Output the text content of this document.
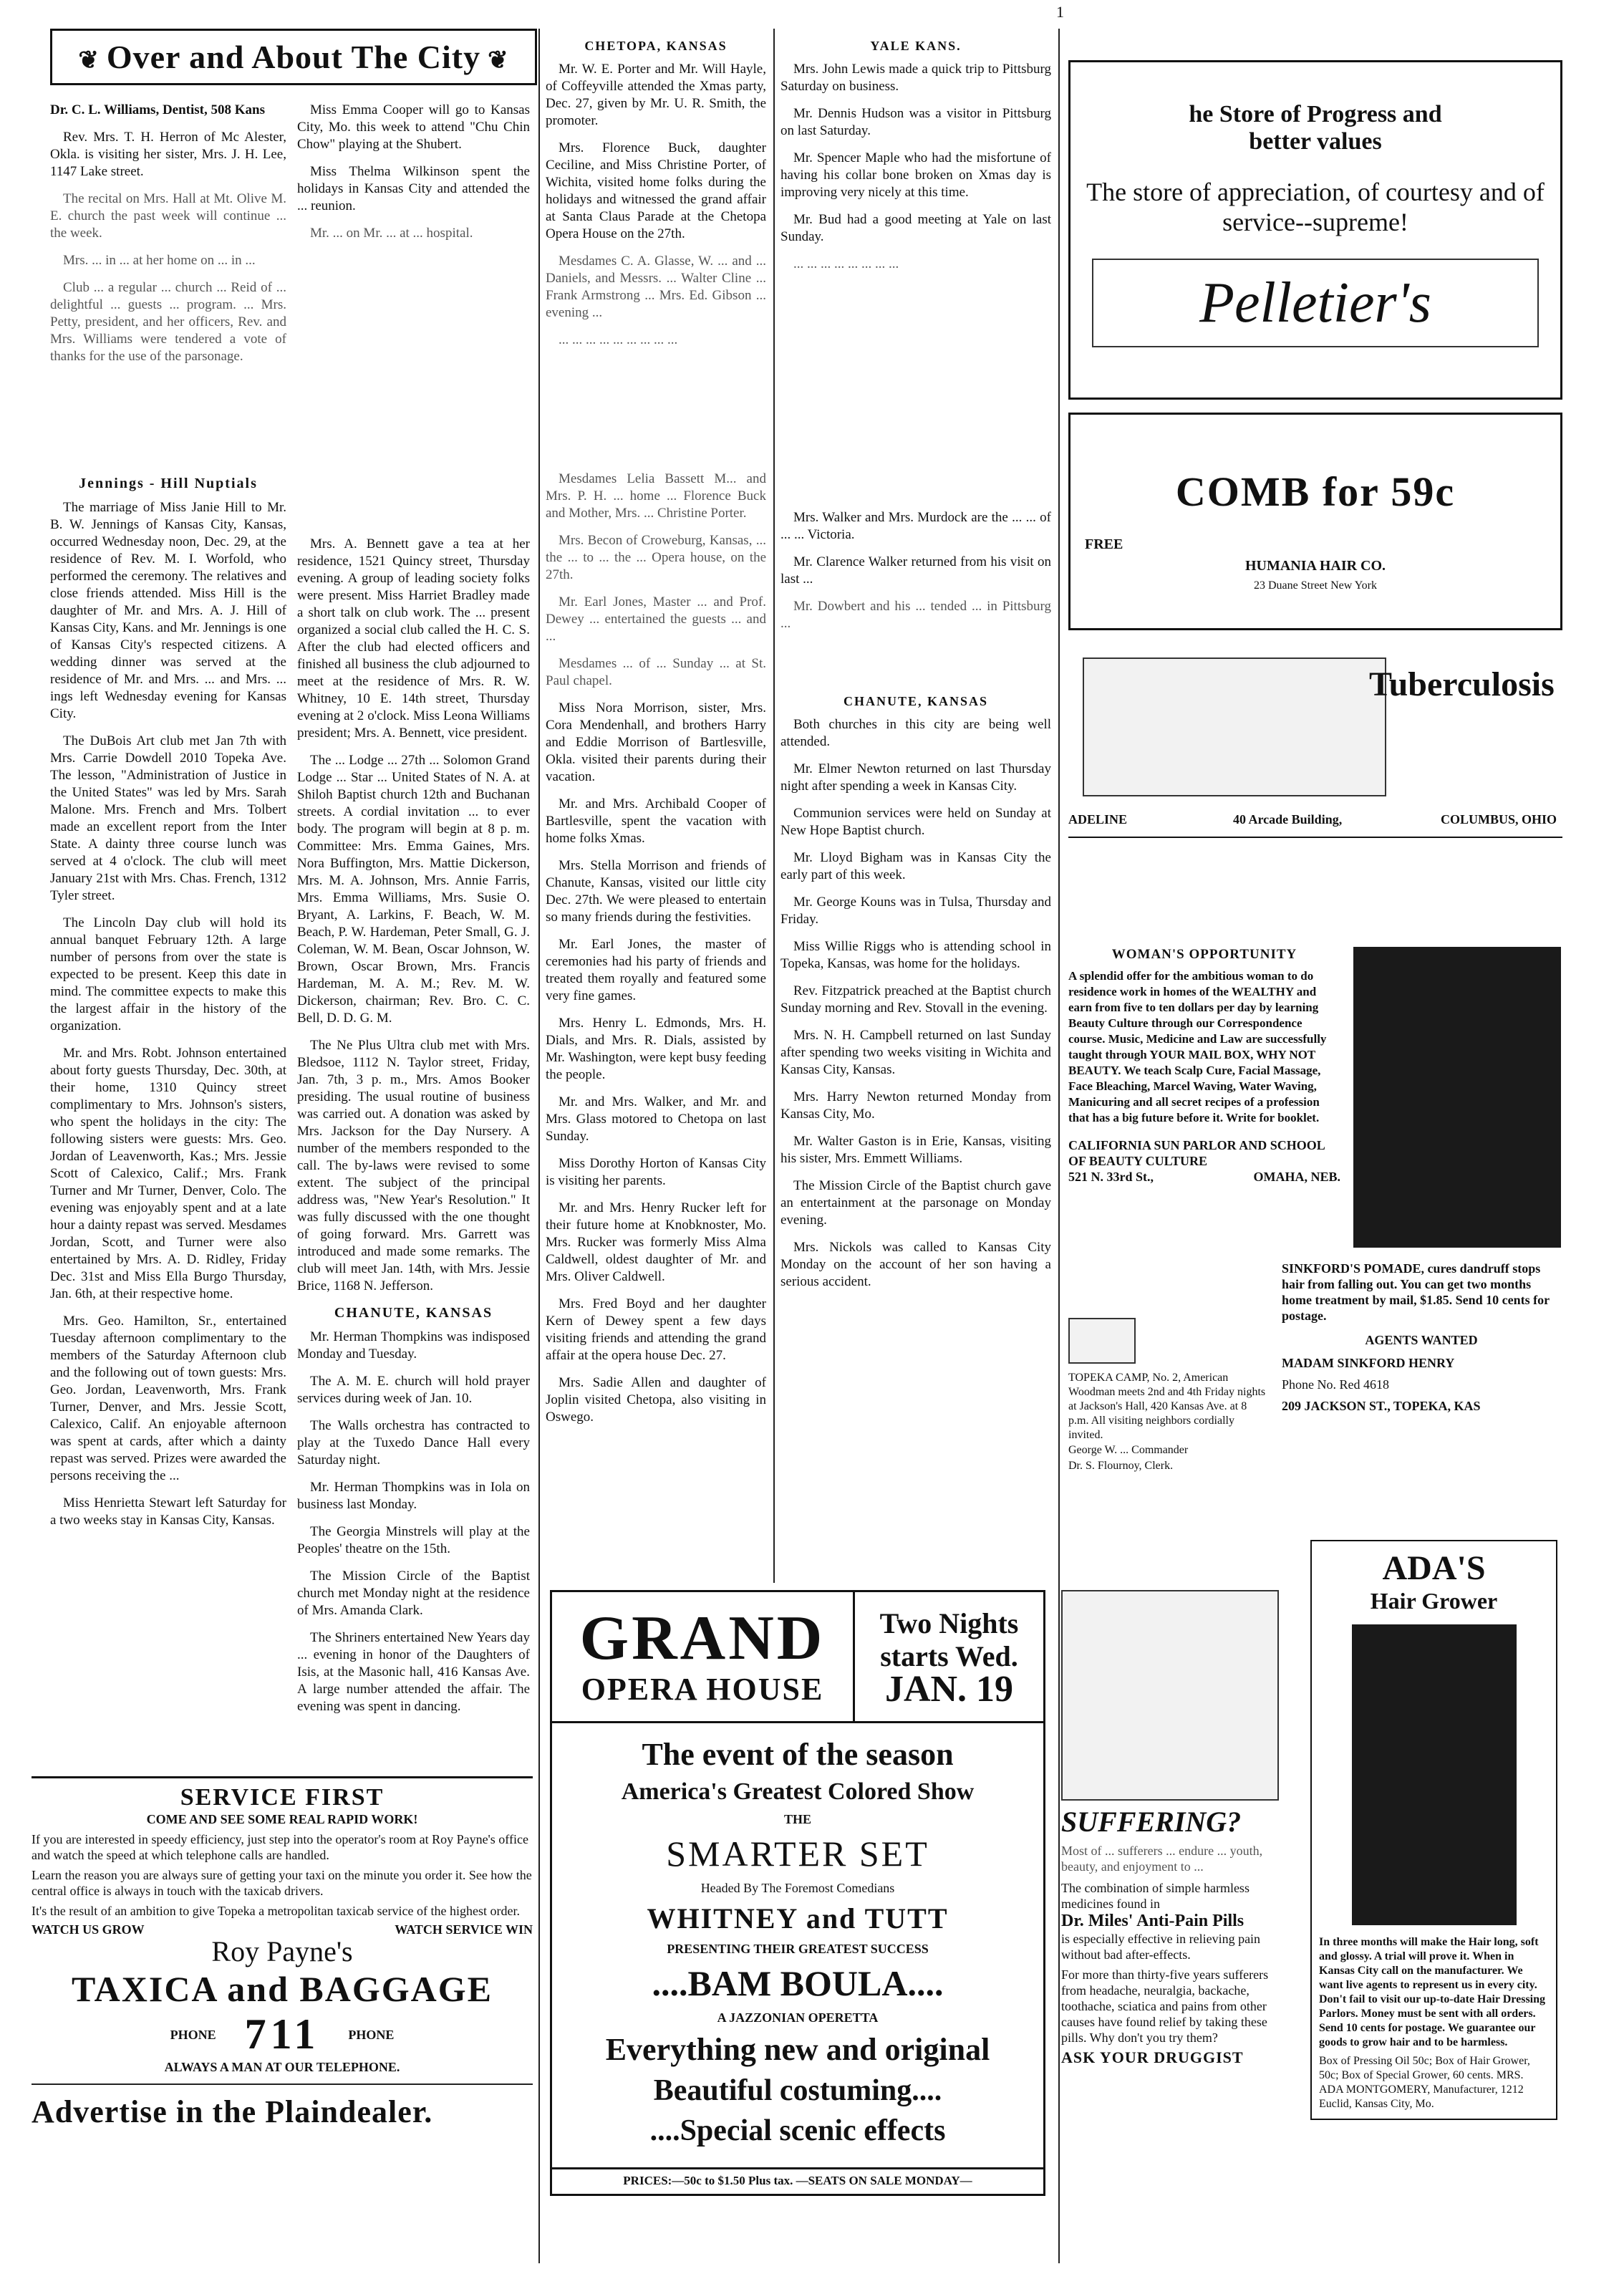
1
❦ Over and About The City ❦
Dr. C. L. Williams, Dentist, 508 Kans
Rev. Mrs. T. H. Herron of Mc Alester, Okla. is visiting her sister, Mrs. J. H. Lee, 1147 Lake street.
The recital on Mrs. Hall at Mt. Olive M. E. church the past week will continue ... the week.
Mrs. ... in ... at her home on ... in ...
Club ... a regular ... church ... Reid of ... delightful ... guests ... program. ... Mrs. Petty, president, and her officers, Rev. and Mrs. Williams were tendered a vote of thanks for the use of the parsonage.
Jennings - Hill Nuptials
The marriage of Miss Janie Hill to Mr. B. W. Jennings of Kansas City, Kansas, occurred Wednesday noon, Dec. 29, at the residence of Rev. M. I. Worfold, who performed the ceremony. The relatives and close friends attended. Miss Hill is the daughter of Mr. and Mrs. A. J. Hill of Kansas City, Kans. and Mr. Jennings is one of Kansas City's respected citizens. A wedding dinner was served at the residence of Mr. and Mrs. ... and Mrs. ... ings left Wednesday evening for Kansas City.
The DuBois Art club met Jan 7th with Mrs. Carrie Dowdell 2010 Topeka Ave. The lesson, "Administration of Justice in the United States" was led by Mrs. Sarah Malone. Mrs. French and Mrs. Tolbert made an excellent report from the Inter State. A dainty three course lunch was served at 4 o'clock. The club will meet January 21st with Mrs. Chas. French, 1312 Tyler street.
The Lincoln Day club will hold its annual banquet February 12th. A large number of persons from over the state is expected to be present. Keep this date in mind. The committee expects to make this the largest affair in the history of the organization.
Mr. and Mrs. Robt. Johnson entertained about forty guests Thursday, Dec. 30th, at their home, 1310 Quincy street complimentary to Mrs. Johnson's sisters, who spent the holidays in the city: The following sisters were guests: Mrs. Geo. Jordan of Leavenworth, Kas.; Mrs. Jessie Scott of Calexico, Calif.; Mrs. Frank Turner and Mr Turner, Denver, Colo. The evening was enjoyably spent and at a late hour a dainty repast was served. Mesdames Jordan, Scott, and Turner were also entertained by Mrs. A. D. Ridley, Friday Dec. 31st and Miss Ella Burgo Thursday, Jan. 6th, at their respective home.
Mrs. Geo. Hamilton, Sr., entertained Tuesday afternoon complimentary to the members of the Saturday Afternoon club and the following out of town guests: Mrs. Geo. Jordan, Leavenworth, Mrs. Frank Turner, Denver, and Mrs. Jessie Scott, Calexico, Calif. An enjoyable afternoon was spent at cards, after which a dainty repast was served. Prizes were awarded the persons receiving the ...
Miss Henrietta Stewart left Saturday for a two weeks stay in Kansas City, Kansas.
Miss Emma Cooper will go to Kansas City, Mo. this week to attend "Chu Chin Chow" playing at the Shubert.
Miss Thelma Wilkinson spent the holidays in Kansas City and attended the ... reunion.
Mr. ... on Mr. ... at ... hospital.
Mrs. A. Bennett gave a tea at her residence, 1521 Quincy street, Thursday evening. A group of leading society folks were present. Miss Harriet Bradley made a short talk on club work. The ... present organized a social club called the H. C. S. After the club had elected officers and finished all business the club adjourned to meet at the residence of Mrs. R. W. Whitney, 10 E. 14th street, Thursday evening at 2 o'clock. Miss Leona Williams president; Mrs. A. Bennett, vice president.
The ... Lodge ... 27th ... Solomon Grand Lodge ... Star ... United States of N. A. at Shiloh Baptist church 12th and Buchanan streets. A cordial invitation ... to ever body. The program will begin at 8 p. m. Committee: Mrs. Emma Gaines, Mrs. Nora Buffington, Mrs. Mattie Dickerson, Mrs. M. A. Johnson, Mrs. Annie Farris, Mrs. Emma Williams, Mrs. Susie O. Bryant, A. Larkins, F. Beach, W. M. Beach, P. W. Hardeman, Peter Small, G. J. Coleman, W. M. Bean, Oscar Johnson, W. Brown, Oscar Brown, Mrs. Francis Hardeman, M. A. M.; Rev. M. W. Dickerson, chairman; Rev. Bro. C. C. Bell, D. D. G. M.
The Ne Plus Ultra club met with Mrs. Bledsoe, 1112 N. Taylor street, Friday, Jan. 7th, 3 p. m., Mrs. Amos Booker presiding. The usual routine of business was carried out. A donation was asked by Mrs. Jackson for the Day Nursery. A number of the members responded to the call. The by-laws were revised to some extent. The subject of the principal address was, "New Year's Resolution." It was fully discussed with the one thought of going forward. Mrs. Garrett was introduced and made some remarks. The club will meet Jan. 14th, with Mrs. Jessie Brice, 1168 N. Jefferson.
CHANUTE, KANSAS
Mr. Herman Thompkins was indisposed Monday and Tuesday.
The A. M. E. church will hold prayer services during week of Jan. 10.
The Walls orchestra has contracted to play at the Tuxedo Dance Hall every Saturday night.
Mr. Herman Thompkins was in Iola on business last Monday.
The Georgia Minstrels will play at the Peoples' theatre on the 15th.
The Mission Circle of the Baptist church met Monday night at the residence of Mrs. Amanda Clark.
The Shriners entertained New Years day ... evening in honor of the Daughters of Isis, at the Masonic hall, 416 Kansas Ave. A large number attended the affair. The evening was spent in dancing.
SERVICE FIRST
COME AND SEE SOME REAL RAPID WORK!
If you are interested in speedy efficiency, just step into the operator's room at Roy Payne's office and watch the speed at which telephone calls are handled.
Learn the reason you are always sure of getting your taxi on the minute you order it. See how the central office is always in touch with the taxicab drivers.
It's the result of an ambition to give Topeka a metropolitan taxicab service of the highest order.
WATCH US GROW	WATCH SERVICE WIN
Roy Payne's
TAXICA and BAGGAGE
PHONE 711 PHONE
ALWAYS A MAN AT OUR TELEPHONE.
Advertise in the Plaindealer.
CHETOPA, KANSAS
Mr. W. E. Porter and Mr. Will Hayle, of Coffeyville attended the Xmas party, Dec. 27, given by Mr. U. R. Smith, the promoter.
Mrs. Florence Buck, daughter Ceciline, and Miss Christine Porter, of Wichita, visited home folks during the holidays and witnessed the grand affair at Santa Claus Parade at the Chetopa Opera House on the 27th.
Mesdames C. A. Glasse, W. ... and ... Daniels, and Messrs. ... Walter Cline ... Frank Armstrong ... Mrs. Ed. Gibson ... evening ...
... ... ... ... ... ... ... ... ...
Mesdames Lelia Bassett M... and Mrs. P. H. ... home ... Florence Buck and Mother, Mrs. ... Christine Porter.
Mrs. Becon of Croweburg, Kansas, ... the ... to ... the ... Opera house, on the 27th.
Mr. Earl Jones, Master ... and Prof. Dewey ... entertained the guests ... and ...
Mesdames ... of ... Sunday ... at St. Paul chapel.
Miss Nora Morrison, sister, Mrs. Cora Mendenhall, and brothers Harry and Eddie Morrison of Bartlesville, Okla. visited their parents during their vacation.
Mr. and Mrs. Archibald Cooper of Bartlesville, spent the vacation with home folks Xmas.
Mrs. Stella Morrison and friends of Chanute, Kansas, visited our little city Dec. 27th. We were pleased to entertain so many friends during the festivities.
Mr. Earl Jones, the master of ceremonies had his party of friends and treated them royally and featured some very fine games.
Mrs. Henry L. Edmonds, Mrs. H. Dials, and Mrs. R. Dials, assisted by Mr. Washington, were kept busy feeding the people.
Mr. and Mrs. Walker, and Mr. and Mrs. Glass motored to Chetopa on last Sunday.
Miss Dorothy Horton of Kansas City is visiting her parents.
Mr. and Mrs. Henry Rucker left for their future home at Knobknoster, Mo. Mrs. Rucker was formerly Miss Alma Caldwell, oldest daughter of Mr. and Mrs. Oliver Caldwell.
Mrs. Fred Boyd and her daughter Kern of Dewey spent a few days visiting friends and attending the grand affair at the opera house Dec. 27.
Mrs. Sadie Allen and daughter of Joplin visited Chetopa, also visiting in Oswego.
YALE KANS.
Mrs. John Lewis made a quick trip to Pittsburg Saturday on business.
Mr. Dennis Hudson was a visitor in Pittsburg on last Saturday.
Mr. Spencer Maple who had the misfortune of having his collar bone broken on Xmas day is improving very nicely at this time.
Mr. Bud had a good meeting at Yale on last Sunday.
... ... ... ... ... ... ... ...
Mrs. Walker and Mrs. Murdock are the ... ... of ... ... Victoria.
Mr. Clarence Walker returned from his visit on last ...
Mr. Dowbert and his ... tended ... in Pittsburg ...
CHANUTE, KANSAS
Both churches in this city are being well attended.
Mr. Elmer Newton returned on last Thursday night after spending a week in Kansas City.
Communion services were held on Sunday at New Hope Baptist church.
Mr. Lloyd Bigham was in Kansas City the early part of this week.
Mr. George Kouns was in Tulsa, Thursday and Friday.
Miss Willie Riggs who is attending school in Topeka, Kansas, was home for the holidays.
Rev. Fitzpatrick preached at the Baptist church Sunday morning and Rev. Stovall in the evening.
Mrs. N. H. Campbell returned on last Sunday after spending two weeks visiting in Wichita and Kansas City, Kansas.
Mrs. Harry Newton returned Monday from Kansas City, Mo.
Mr. Walter Gaston is in Erie, Kansas, visiting his sister, Mrs. Emmett Williams.
The Mission Circle of the Baptist church gave an entertainment at the parsonage on Monday evening.
Mrs. Nickols was called to Kansas City Monday on the account of her son having a serious accident.
GRAND
OPERA HOUSE
Two Nights
starts Wed.
JAN. 19
The event of the season
America's Greatest Colored Show
THE
SMARTER SET
Headed By The Foremost Comedians
WHITNEY and TUTT
PRESENTING THEIR GREATEST SUCCESS
....BAM BOULA....
A JAZZONIAN OPERETTA
Everything new and original
Beautiful costuming....
....Special scenic effects
PRICES:—50c to $1.50 Plus tax. —SEATS ON SALE MONDAY—
he Store of Progress and better values
The store of appreciation, of courtesy and of service--supreme!
Pelletier's
COMB for 59c
FREE
HUMANIA HAIR CO.
23 Duane Street New York
Tuberculosis
ADELINE	40 Arcade Building,	COLUMBUS, OHIO
WOMAN'S OPPORTUNITY
A splendid offer for the ambitious woman to do residence work in homes of the WEALTHY and earn from five to ten dollars per day by learning Beauty Culture through our Correspondence course. Music, Medicine and Law are successfully taught through YOUR MAIL BOX, WHY NOT BEAUTY. We teach Scalp Cure, Facial Massage, Face Bleaching, Marcel Waving, Water Waving, Manicuring and all secret recipes of a profession that has a big future before it. Write for booklet.
CALIFORNIA SUN PARLOR AND SCHOOL OF BEAUTY CULTURE
521 N. 33rd St.,	OMAHA, NEB.
SINKFORD'S POMADE, cures dandruff stops hair from falling out. You can get two months home treatment by mail, $1.85. Send 10 cents for postage.
AGENTS WANTED
MADAM SINKFORD HENRY
Phone No. Red 4618
209 JACKSON ST., TOPEKA, KAS
TOPEKA CAMP, No. 2, American Woodman meets 2nd and 4th Friday nights at Jackson's Hall, 420 Kansas Ave. at 8 p.m. All visiting neighbors cordially invited.
George W. ... Commander
Dr. S. Flournoy, Clerk.
SUFFERING?
Most of ... sufferers ... endure ... youth, beauty, and enjoyment to ...
The combination of simple harmless medicines found in
Dr. Miles' Anti-Pain Pills
is especially effective in relieving pain without bad after-effects.
For more than thirty-five years sufferers from headache, neuralgia, backache, toothache, sciatica and pains from other causes have found relief by taking these pills. Why don't you try them?
ASK YOUR DRUGGIST
ADA'S
Hair Grower
In three months will make the Hair long, soft and glossy. A trial will prove it. When in Kansas City call on the manufacturer. We want live agents to represent us in every city. Don't fail to visit our up-to-date Hair Dressing Parlors. Money must be sent with all orders. Send 10 cents for postage. We guarantee our goods to grow hair and to be harmless.
Box of Pressing Oil 50c; Box of Hair Grower, 50c; Box of Special Grower, 60 cents. MRS. ADA MONTGOMERY, Manufacturer, 1212 Euclid, Kansas City, Mo.
